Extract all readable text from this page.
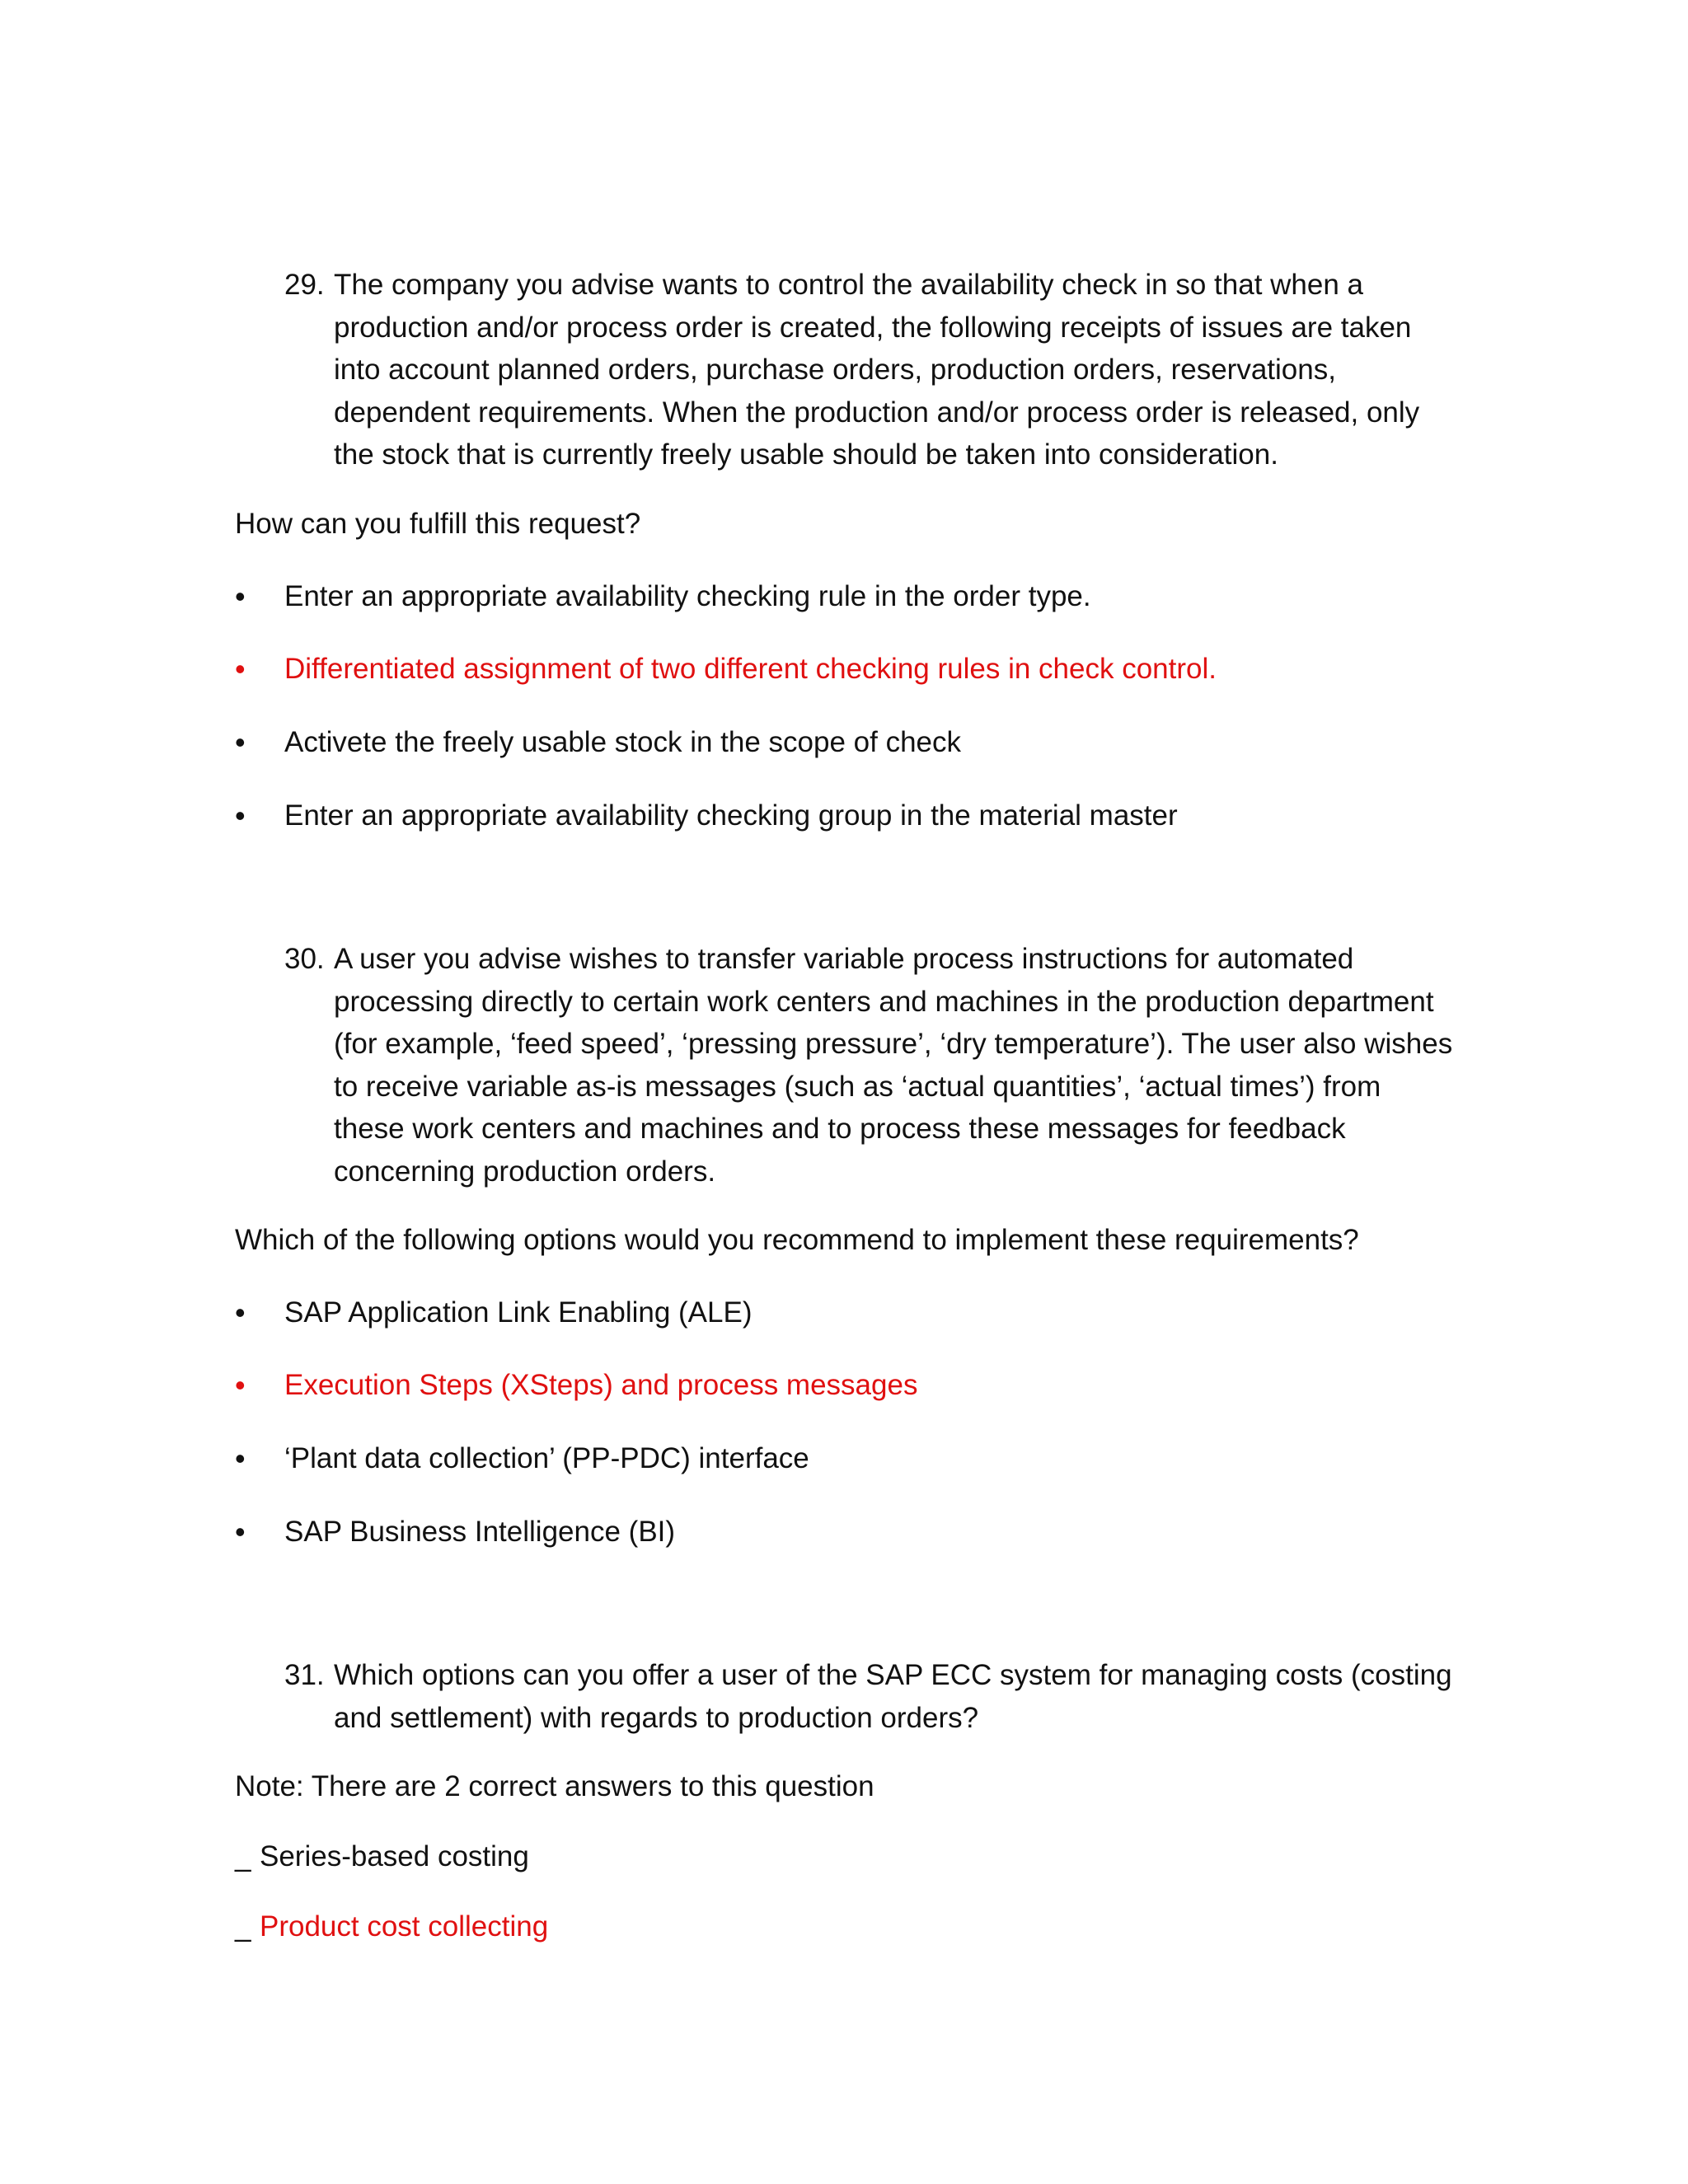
29. The company you advise wants to control the availability check in so that when a production and/or process order is created, the following receipts of issues are taken into account planned orders, purchase orders, production orders, reservations, dependent requirements. When the production and/or process order is released, only the stock that is currently freely usable should be taken into consideration.
How can you fulfill this request?
• Enter an appropriate availability checking rule in the order type.
• Differentiated assignment of two different checking rules in check control.
• Activete the freely usable stock in the scope of check
• Enter an appropriate availability checking group in the material master
30. A user you advise wishes to transfer variable process instructions for automated processing directly to certain work centers and machines in the production department (for example, ‘feed speed’, ‘pressing pressure’, ‘dry temperature’). The user also wishes to receive variable as-is messages (such as ‘actual quantities’, ‘actual times’) from these work centers and machines and to process these messages for feedback concerning production orders.
Which of the following options would you recommend to implement these requirements?
• SAP Application Link Enabling (ALE)
• Execution Steps (XSteps) and process messages
• ‘Plant data collection’ (PP-PDC) interface
• SAP Business Intelligence (BI)
31. Which options can you offer a user of the SAP ECC system for managing costs (costing and settlement) with regards to production orders?
Note: There are 2 correct answers to this question
_ Series-based costing
_ Product cost collecting
